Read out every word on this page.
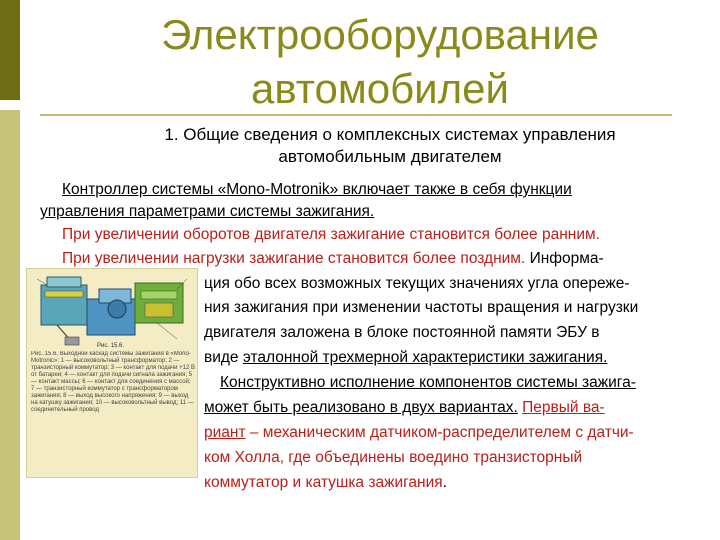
Электрооборудование
автомобилей
1. Общие сведения о комплексных системах управления
автомобильным двигателем
Контроллер системы «Mono-Motronik» включает также в себя функции
управления параметрами системы зажигания.
При увеличении оборотов двигателя зажигание становится более ранним.
При увеличении нагрузки зажигание становится более поздним. Информа-
ция обо всех возможных текущих значениях угла опереже-
ния зажигания при изменении частоты вращения и нагрузки
двигателя заложена в блоке постоянной памяти ЭБУ в
виде эталонной трехмерной характеристики зажигания.
Конструктивно исполнение компонентов системы зажига-
может быть реализовано в двух вариантах. Первый ва-
риант – механическим датчиком-распределителем с датчи-
ком Холла, где объединены воедино транзисторный
коммутатор и катушка зажигания.
Рис. 15.6.
Рис. 15.6. Выходной каскад системы зажигания в «Mono-Motronic»: 1 — высоковольтный трансформатор; 2 — транзисторный коммутатор; 3 — контакт для подачи +12 В от батареи; 4 — контакт для подачи сигнала зажигания; 5 — контакт массы; 6 — контакт для соединения с массой; 7 — транзисторный коммутатор с трансформатором зажигания; 8 — выход высокого напряжения; 9 — выход на катушку зажигания; 10 — высоковольтный вывод; 11 — соединительный провод
